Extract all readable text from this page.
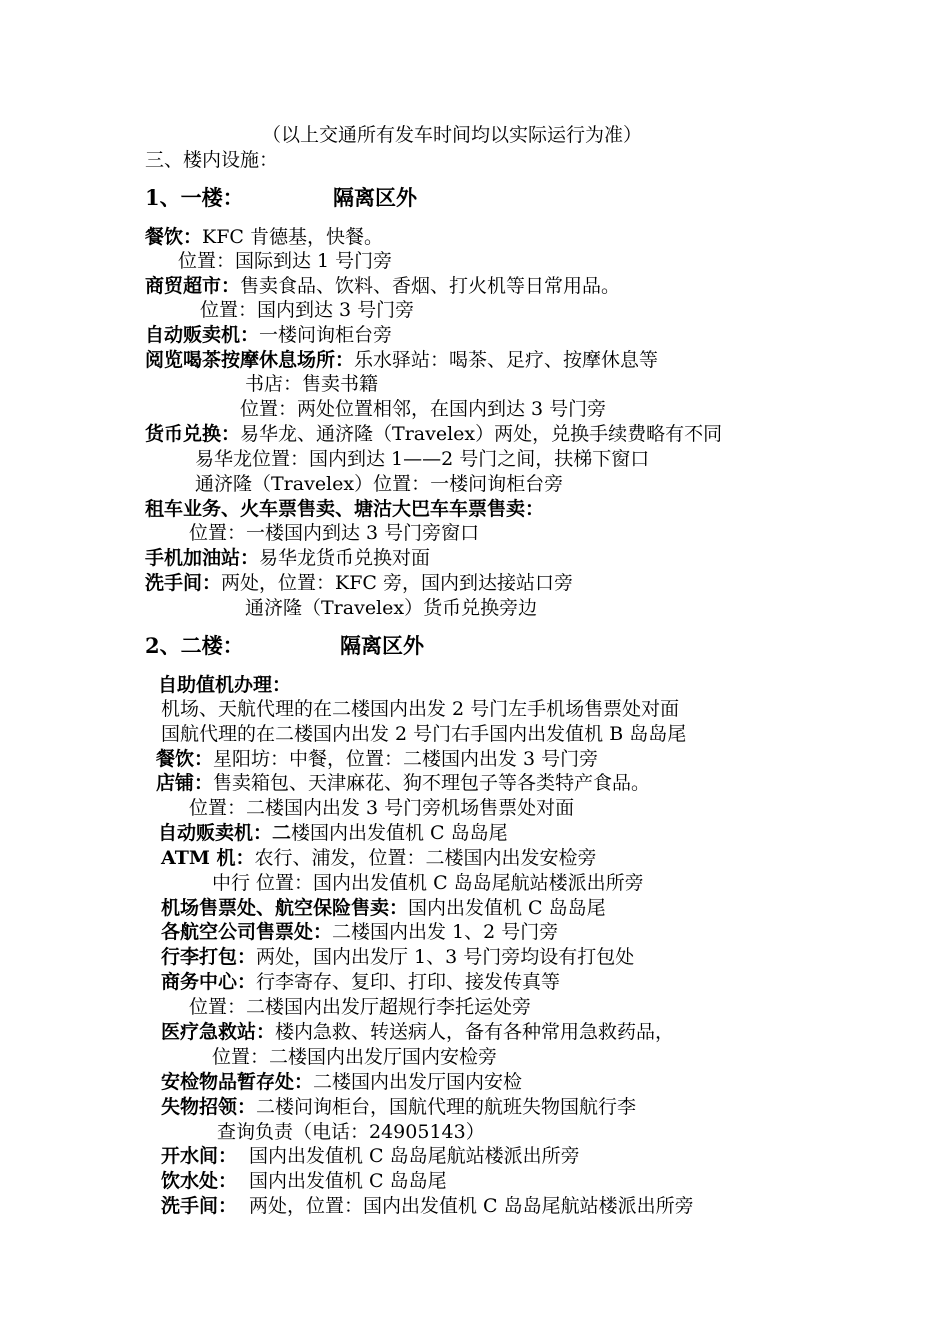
（以上交通所有发车时间均以实际运行为准）
三、楼内设施：
1、一楼：	隔离区外
餐饮：KFC 肯德基，快餐。
位置：国际到达 1 号门旁
商贸超市：售卖食品、饮料、香烟、打火机等日常用品。
位置：国内到达 3 号门旁
自动贩卖机：一楼问询柜台旁
阅览喝茶按摩休息场所：乐水驿站：喝茶、足疗、按摩休息等
书店：售卖书籍
位置：两处位置相邻，在国内到达 3 号门旁
货币兑换：易华龙、通济隆（Travelex）两处，兑换手续费略有不同
易华龙位置：国内到达 1——2 号门之间，扶梯下窗口
通济隆（Travelex）位置：一楼问询柜台旁
租车业务、火车票售卖、塘沽大巴车车票售卖：
位置：一楼国内到达 3 号门旁窗口
手机加油站：易华龙货币兑换对面
洗手间：两处，位置：KFC 旁，国内到达接站口旁
通济隆（Travelex）货币兑换旁边
2、二楼：	隔离区外
自助值机办理：
机场、天航代理的在二楼国内出发 2 号门左手机场售票处对面
国航代理的在二楼国内出发 2 号门右手国内出发值机 B 岛岛尾
餐饮：星阳坊：中餐，位置：二楼国内出发 3 号门旁
店铺：售卖箱包、天津麻花、狗不理包子等各类特产食品。
位置：二楼国内出发 3 号门旁机场售票处对面
自动贩卖机：二楼国内出发值机 C 岛岛尾
ATM 机：农行、浦发，位置：二楼国内出发安检旁
中行 位置：国内出发值机 C 岛岛尾航站楼派出所旁
机场售票处、航空保险售卖：国内出发值机 C 岛岛尾
各航空公司售票处：二楼国内出发 1、2 号门旁
行李打包：两处，国内出发厅 1、3 号门旁均设有打包处
商务中心：行李寄存、复印、打印、接发传真等
位置：二楼国内出发厅超规行李托运处旁
医疗急救站：楼内急救、转送病人，备有各种常用急救药品，
位置：二楼国内出发厅国内安检旁
安检物品暂存处：二楼国内出发厅国内安检
失物招领：二楼问询柜台，国航代理的航班失物国航行李
查询负责（电话：24905143）
开水间： 国内出发值机 C 岛岛尾航站楼派出所旁
饮水处： 国内出发值机 C 岛岛尾
洗手间： 两处，位置：国内出发值机 C 岛岛尾航站楼派出所旁
